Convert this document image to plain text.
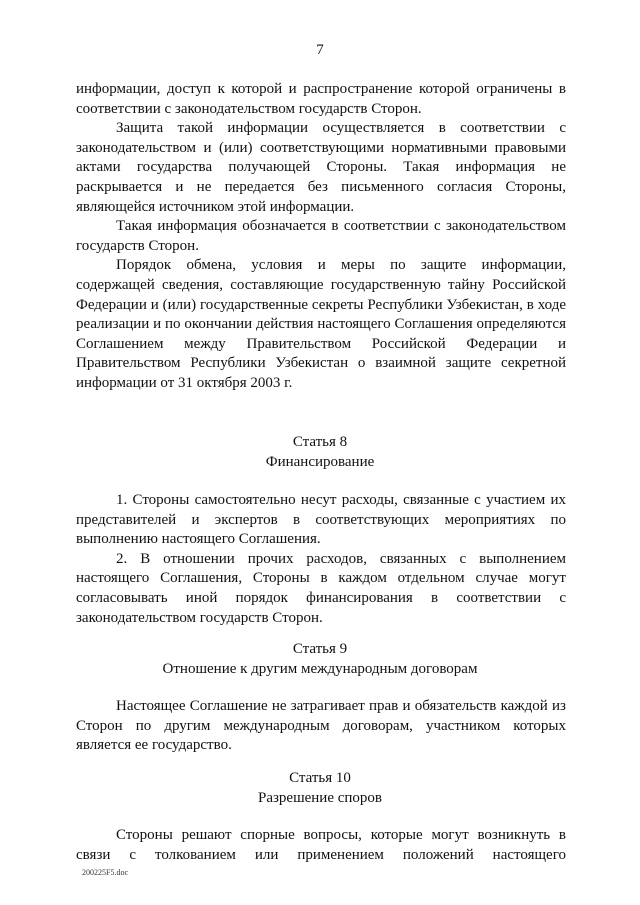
7

информации, доступ к которой и распространение которой ограничены в соответствии с законодательством государств Сторон.

Защита такой информации осуществляется в соответствии с законодательством и (или) соответствующими нормативными правовыми актами государства получающей Стороны. Такая информация не раскрывается и не передается без письменного согласия Стороны, являющейся источником этой информации.

Такая информация обозначается в соответствии с законодательством государств Сторон.

Порядок обмена, условия и меры по защите информации, содержащей сведения, составляющие государственную тайну Российской Федерации и (или) государственные секреты Республики Узбекистан, в ходе реализации и по окончании действия настоящего Соглашения определяются Соглашением между Правительством Российской Федерации и Правительством Республики Узбекистан о взаимной защите секретной информации от 31 октября 2003 г.

Статья 8
Финансирование

1. Стороны самостоятельно несут расходы, связанные с участием их представителей и экспертов в соответствующих мероприятиях по выполнению настоящего Соглашения.

2. В отношении прочих расходов, связанных с выполнением настоящего Соглашения, Стороны в каждом отдельном случае могут согласовывать иной порядок финансирования в соответствии с законодательством государств Сторон.

Статья 9
Отношение к другим международным договорам

Настоящее Соглашение не затрагивает прав и обязательств каждой из Сторон по другим международным договорам, участником которых является ее государство.

Статья 10
Разрешение споров

Стороны решают спорные вопросы, которые могут возникнуть в связи с толкованием или применением положений настоящего

200225F5.doc
